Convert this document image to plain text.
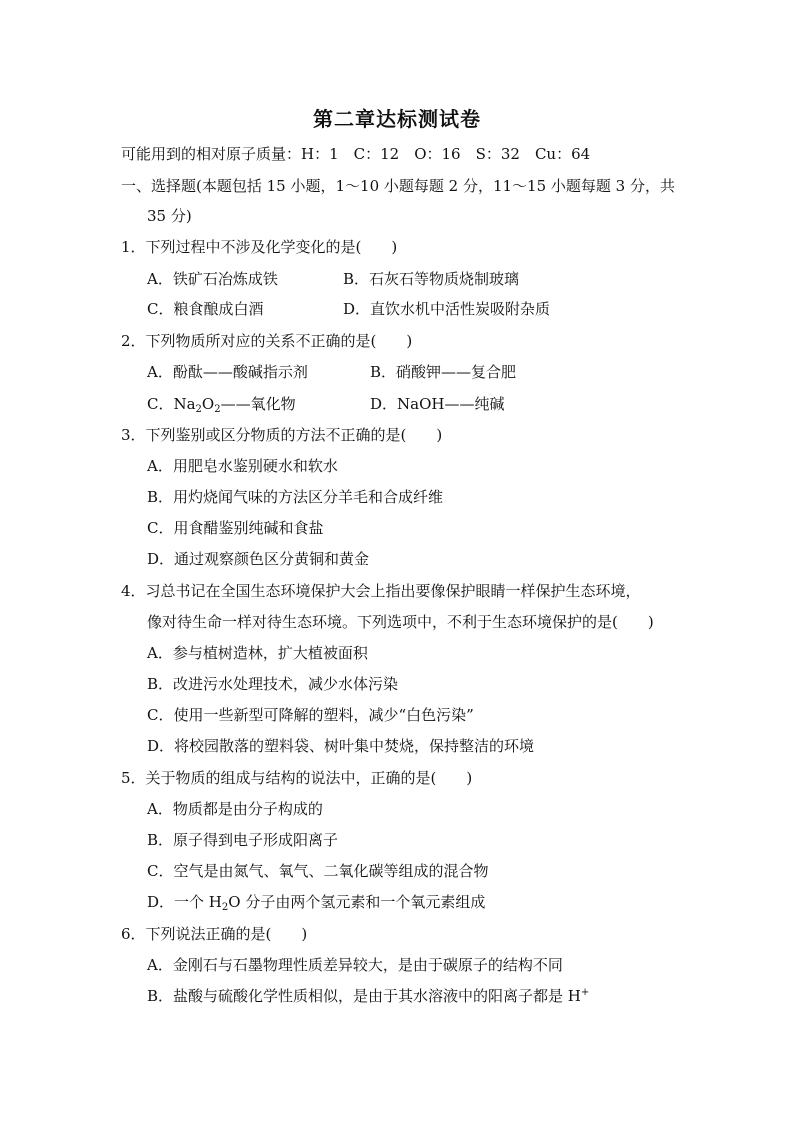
第二章达标测试卷
可能用到的相对原子质量：H：1　C：12　O：16　S：32　Cu：64
一、选择题(本题包括 15 小题，1～10 小题每题 2 分，11～15 小题每题 3 分，共
35 分)
1．下列过程中不涉及化学变化的是(　　)
A．铁矿石冶炼成铁	B．石灰石等物质烧制玻璃
C．粮食酿成白酒	D．直饮水机中活性炭吸附杂质
2．下列物质所对应的关系不正确的是(　　)
A．酚酞——酸碱指示剂	B．硝酸钾——复合肥
C．$Na_2O_2——$氧化物	D．NaOH——纯碱
3．下列鉴别或区分物质的方法不正确的是(　　)
A．用肥皂水鉴别硬水和软水
B．用灼烧闻气味的方法区分羊毛和合成纤维
C．用食醋鉴别纯碱和食盐
D．通过观察颜色区分黄铜和黄金
4．习总书记在全国生态环境保护大会上指出要像保护眼睛一样保护生态环境，
像对待生命一样对待生态环境。下列选项中，不利于生态环境保护的是(　　)
A．参与植树造林，扩大植被面积
B．改进污水处理技术，减少水体污染
C．使用一些新型可降解的塑料，减少“白色污染”
D．将校园散落的塑料袋、树叶集中焚烧，保持整洁的环境
5．关于物质的组成与结构的说法中，正确的是(　　)
A．物质都是由分子构成的
B．原子得到电子形成阳离子
C．空气是由氮气、氧气、二氧化碳等组成的混合物
D．一个 $H_2O$ 分子由两个氢元素和一个氧元素组成
6．下列说法正确的是(　　)
A．金刚石与石墨物理性质差异较大，是由于碳原子的结构不同
B．盐酸与硫酸化学性质相似，是由于其水溶液中的阳离子都是 H+
